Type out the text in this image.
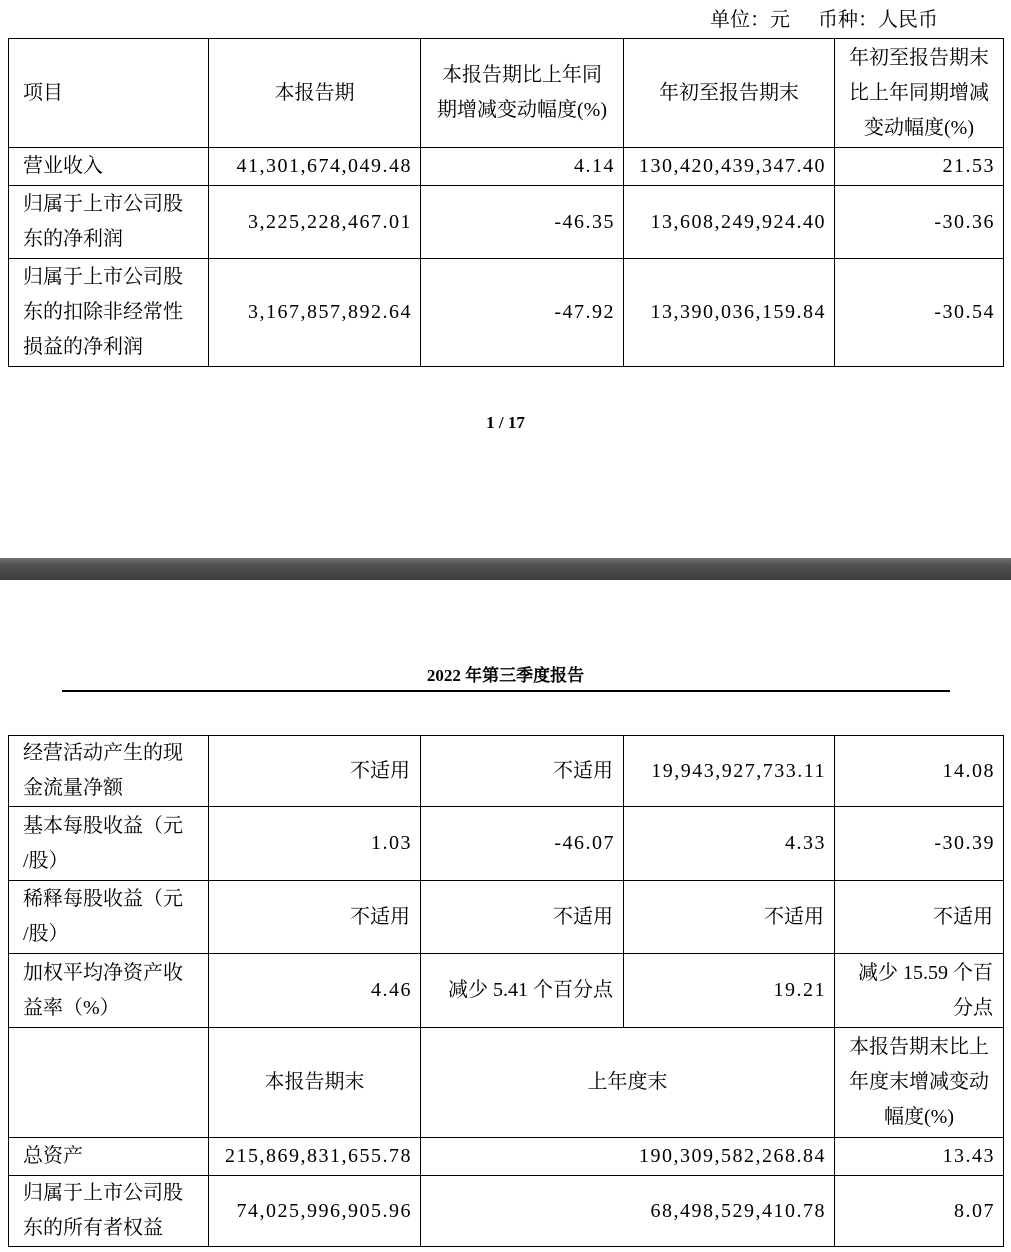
单位：元 币种：人民币
项目	本报告期	本报告期比上年同期增减变动幅度(%)	年初至报告期末	年初至报告期末比上年同期增减变动幅度(%)
营业收入	41,301,674,049.48	4.14	130,420,439,347.40	21.53
归属于上市公司股东的净利润	3,225,228,467.01	-46.35	13,608,249,924.40	-30.36
归属于上市公司股东的扣除非经常性损益的净利润	3,167,857,892.64	-47.92	13,390,036,159.84	-30.54
1 / 17
2022 年第三季度报告
经营活动产生的现金流量净额	不适用	不适用	19,943,927,733.11	14.08
基本每股收益（元/股）	1.03	-46.07	4.33	-30.39
稀释每股收益（元/股）	不适用	不适用	不适用	不适用
加权平均净资产收益率（%）	4.46	减少 5.41 个百分点	19.21	减少 15.59 个百分点
	本报告期末	上年度末		本报告期末比上年度末增减变动幅度(%)
总资产	215,869,831,655.78	190,309,582,268.84		13.43
归属于上市公司股东的所有者权益	74,025,996,905.96	68,498,529,410.78		8.07
